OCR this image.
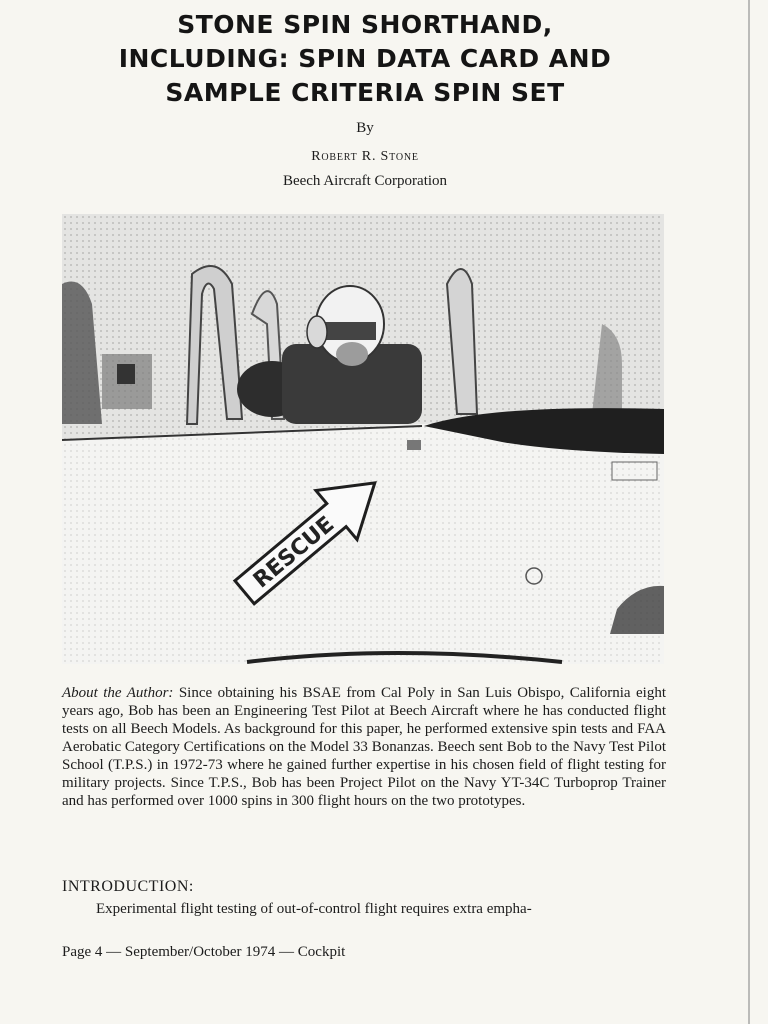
STONE SPIN SHORTHAND,
INCLUDING: SPIN DATA CARD AND
SAMPLE CRITERIA SPIN SET
By
Robert R. Stone
Beech Aircraft Corporation
RESCUE
About the Author: Since obtaining his BSAE from Cal Poly in San Luis Obispo, California eight years ago, Bob has been an Engineering Test Pilot at Beech Aircraft where he has conducted flight tests on all Beech Models. As background for this paper, he performed extensive spin tests and FAA Aerobatic Category Certifications on the Model 33 Bonanzas. Beech sent Bob to the Navy Test Pilot School (T.P.S.) in 1972-73 where he gained further expertise in his chosen field of flight testing for military projects. Since T.P.S., Bob has been Project Pilot on the Navy YT-34C Turboprop Trainer and has performed over 1000 spins in 300 flight hours on the two prototypes.
INTRODUCTION:
Experimental flight testing of out-of-control flight requires extra empha-
Page 4 — September/October 1974 — Cockpit
